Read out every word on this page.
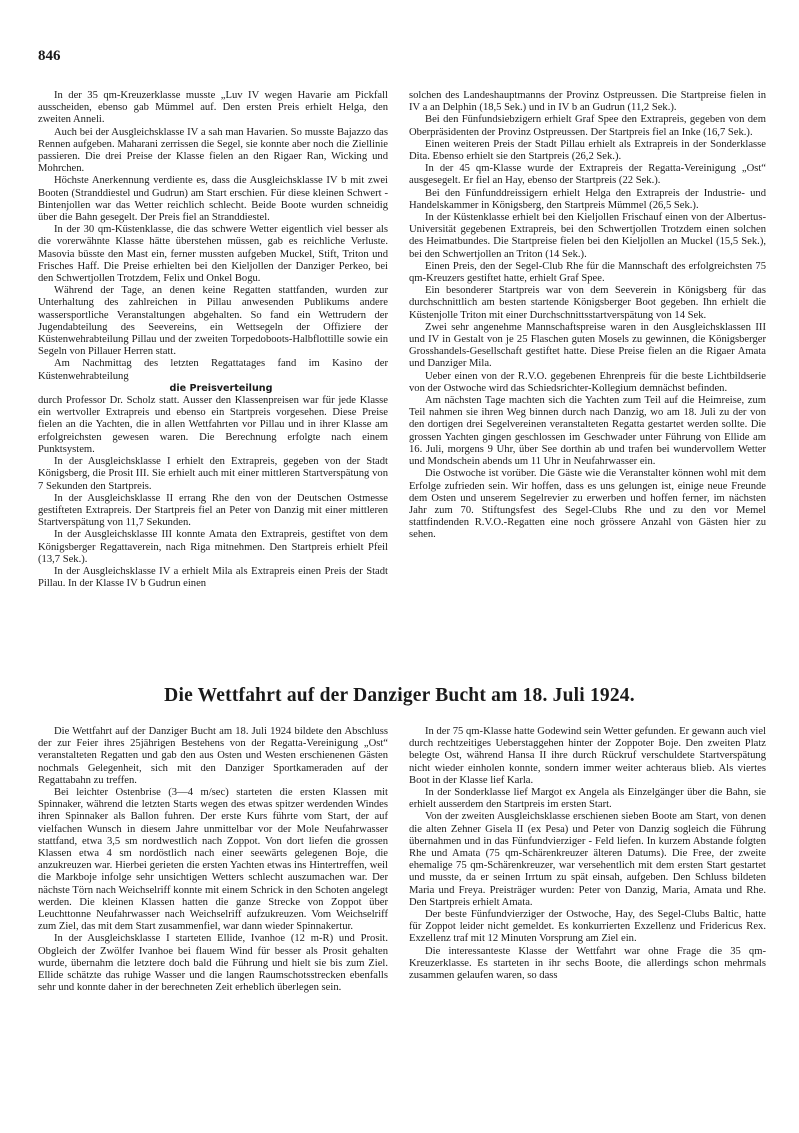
846

In der 35 qm-Kreuzerklasse musste „Luv IV wegen Havarie am Pickfall ausscheiden, ebenso gab Mümmel auf. Den ersten Preis erhielt Helga, den zweiten Anneli.

Auch bei der Ausgleichsklasse IV a sah man Havarien. So musste Bajazzo das Rennen aufgeben. Maharani zerrissen die Segel, sie konnte aber noch die Ziellinie passieren. Die drei Preise der Klasse fielen an den Rigaer Ran, Wicking und Mohrchen.

Höchste Anerkennung verdiente es, dass die Ausgleichsklasse IV b mit zwei Booten (Stranddiestel und Gudrun) am Start erschien. Für diese kleinen Schwert - Bintenjollen war das Wetter reichlich schlecht. Beide Boote wurden schneidig über die Bahn gesegelt. Der Preis fiel an Stranddiestel.

In der 30 qm-Küstenklasse, die das schwere Wetter eigentlich viel besser als die vorerwähnte Klasse hätte überstehen müssen, gab es reichliche Verluste. Masovia büsste den Mast ein, ferner mussten aufgeben Muckel, Stift, Triton und Frisches Haff. Die Preise erhielten bei den Kieljollen der Danziger Perkeo, bei den Schwertjollen Trotzdem, Felix und Onkel Bogu.

Während der Tage, an denen keine Regatten stattfanden, wurden zur Unterhaltung des zahlreichen in Pillau anwesenden Publikums andere wassersportliche Veranstaltungen abgehalten. So fand ein Wettrudern der Jugendabteilung des Seevereins, ein Wettsegeln der Offiziere der Küstenwehrabteilung Pillau und der zweiten Torpedoboots-Halbflottille sowie ein Segeln von Pillauer Herren statt.

Am Nachmittag des letzten Regattatages fand im Kasino der Küstenwehrabteilung

die Preisverteilung

durch Professor Dr. Scholz statt. Ausser den Klassenpreisen war für jede Klasse ein wertvoller Extrapreis und ebenso ein Startpreis vorgesehen. Diese Preise fielen an die Yachten, die in allen Wettfahrten vor Pillau und in ihrer Klasse am erfolgreichsten gewesen waren. Die Berechnung erfolgte nach einem Punktsystem.

In der Ausgleichsklasse I erhielt den Extrapreis, gegeben von der Stadt Königsberg, die Prosit III. Sie erhielt auch mit einer mittleren Startverspätung von 7 Sekunden den Startpreis.

In der Ausgleichsklasse II errang Rhe den von der Deutschen Ostmesse gestifteten Extrapreis. Der Startpreis fiel an Peter von Danzig mit einer mittleren Startverspätung von 11,7 Sekunden.

In der Ausgleichsklasse III konnte Amata den Extrapreis, gestiftet von dem Königsberger Regattaverein, nach Riga mitnehmen. Den Startpreis erhielt Pfeil (13,7 Sek.).

In der Ausgleichsklasse IV a erhielt Mila als Extrapreis einen Preis der Stadt Pillau. In der Klasse IV b Gudrun einen

solchen des Landeshauptmanns der Provinz Ostpreussen. Die Startpreise fielen in IV a an Delphin (18,5 Sek.) und in IV b an Gudrun (11,2 Sek.).

Bei den Fünfundsiebzigern erhielt Graf Spee den Extrapreis, gegeben von dem Oberpräsidenten der Provinz Ostpreussen. Der Startpreis fiel an Inke (16,7 Sek.).

Einen weiteren Preis der Stadt Pillau erhielt als Extrapreis in der Sonderklasse Dita. Ebenso erhielt sie den Startpreis (26,2 Sek.).

In der 45 qm-Klasse wurde der Extrapreis der Regatta-Vereinigung „Ost“ ausgesegelt. Er fiel an Hay, ebenso der Startpreis (22 Sek.).

Bei den Fünfunddreissigern erhielt Helga den Extrapreis der Industrie- und Handelskammer in Königsberg, den Startpreis Mümmel (26,5 Sek.).

In der Küstenklasse erhielt bei den Kieljollen Frischauf einen von der Albertus-Universität gegebenen Extrapreis, bei den Schwertjollen Trotzdem einen solchen des Heimatbundes. Die Startpreise fielen bei den Kieljollen an Muckel (15,5 Sek.), bei den Schwertjollen an Triton (14 Sek.).

Einen Preis, den der Segel-Club Rhe für die Mannschaft des erfolgreichsten 75 qm-Kreuzers gestiftet hatte, erhielt Graf Spee.

Ein besonderer Startpreis war von dem Seeverein in Königsberg für das durchschnittlich am besten startende Königsberger Boot gegeben. Ihn erhielt die Küstenjolle Triton mit einer Durchschnittsstartverspätung von 14 Sek.

Zwei sehr angenehme Mannschaftspreise waren in den Ausgleichsklassen III und IV in Gestalt von je 25 Flaschen guten Mosels zu gewinnen, die Königsberger Grosshandels-Gesellschaft gestiftet hatte. Diese Preise fielen an die Rigaer Amata und Danziger Mila.

Ueber einen von der R.V.O. gegebenen Ehrenpreis für die beste Lichtbildserie von der Ostwoche wird das Schiedsrichter-Kollegium demnächst befinden.

Am nächsten Tage machten sich die Yachten zum Teil auf die Heimreise, zum Teil nahmen sie ihren Weg binnen durch nach Danzig, wo am 18. Juli zu der von den dortigen drei Segelvereinen veranstalteten Regatta gestartet werden sollte. Die grossen Yachten gingen geschlossen im Geschwader unter Führung von Ellide am 16. Juli, morgens 9 Uhr, über See dorthin ab und trafen bei wundervollem Wetter und Mondschein abends um 11 Uhr in Neufahrwasser ein.

Die Ostwoche ist vorüber. Die Gäste wie die Veranstalter können wohl mit dem Erfolge zufrieden sein. Wir hoffen, dass es uns gelungen ist, einige neue Freunde dem Osten und unserem Segelrevier zu erwerben und hoffen ferner, im nächsten Jahr zum 70. Stiftungsfest des Segel-Clubs Rhe und zu den vor Memel stattfindenden R.V.O.-Regatten eine noch grössere Anzahl von Gästen hier zu sehen.

Die Wettfahrt auf der Danziger Bucht am 18. Juli 1924.

Die Wettfahrt auf der Danziger Bucht am 18. Juli 1924 bildete den Abschluss der zur Feier ihres 25jährigen Bestehens von der Regatta-Vereinigung „Ost“ veranstalteten Regatten und gab den aus Osten und Westen erschienenen Gästen nochmals Gelegenheit, sich mit den Danziger Sportkameraden auf der Regattabahn zu treffen.

Bei leichter Ostenbrise (3—4 m/sec) starteten die ersten Klassen mit Spinnaker, während die letzten Starts wegen des etwas spitzer werdenden Windes ihren Spinnaker als Ballon fuhren. Der erste Kurs führte vom Start, der auf vielfachen Wunsch in diesem Jahre unmittelbar vor der Mole Neufahrwasser stattfand, etwa 3,5 sm nordwestlich nach Zoppot. Von dort liefen die grossen Klassen etwa 4 sm nordöstlich nach einer seewärts gelegenen Boje, die anzukreuzen war. Hierbei gerieten die ersten Yachten etwas ins Hintertreffen, weil die Markboje infolge sehr unsichtigen Wetters schlecht auszumachen war. Der nächste Törn nach Weichselriff konnte mit einem Schrick in den Schoten angelegt werden. Die kleinen Klassen hatten die ganze Strecke von Zoppot über Leuchttonne Neufahrwasser nach Weichselriff aufzukreuzen. Vom Weichselriff zum Ziel, das mit dem Start zusammenfiel, war dann wieder Spinnakertur.

In der Ausgleichsklasse I starteten Ellide, Ivanhoe (12 m-R) und Prosit. Obgleich der Zwölfer Ivanhoe bei flauem Wind für besser als Prosit gehalten wurde, übernahm die letztere doch bald die Führung und hielt sie bis zum Ziel. Ellide schätzte das ruhige Wasser und die langen Raumschotsstrecken ebenfalls sehr und konnte daher in der berechneten Zeit erheblich überlegen sein.

In der 75 qm-Klasse hatte Godewind sein Wetter gefunden. Er gewann auch viel durch rechtzeitiges Ueberstaggehen hinter der Zoppoter Boje. Den zweiten Platz belegte Ost, während Hansa II ihre durch Rückruf verschuldete Startverspätung nicht wieder einholen konnte, sondern immer weiter achteraus blieb. Als viertes Boot in der Klasse lief Karla.

In der Sonderklasse lief Margot ex Angela als Einzelgänger über die Bahn, sie erhielt ausserdem den Startpreis im ersten Start.

Von der zweiten Ausgleichsklasse erschienen sieben Boote am Start, von denen die alten Zehner Gisela II (ex Pesa) und Peter von Danzig sogleich die Führung übernahmen und in das Fünfundvierziger - Feld liefen. In kurzem Abstande folgten Rhe und Amata (75 qm-Schärenkreuzer älteren Datums). Die Free, der zweite ehemalige 75 qm-Schärenkreuzer, war versehentlich mit dem ersten Start gestartet und musste, da er seinen Irrtum zu spät einsah, aufgeben. Den Schluss bildeten Maria und Freya. Preisträger wurden: Peter von Danzig, Maria, Amata und Rhe. Den Startpreis erhielt Amata.

Der beste Fünfundvierziger der Ostwoche, Hay, des Segel-Clubs Baltic, hatte für Zoppot leider nicht gemeldet. Es konkurrierten Exzellenz und Fridericus Rex. Exzellenz traf mit 12 Minuten Vorsprung am Ziel ein.

Die interessanteste Klasse der Wettfahrt war ohne Frage die 35 qm-Kreuzerklasse. Es starteten in ihr sechs Boote, die allerdings schon mehrmals zusammen gelaufen waren, so dass
